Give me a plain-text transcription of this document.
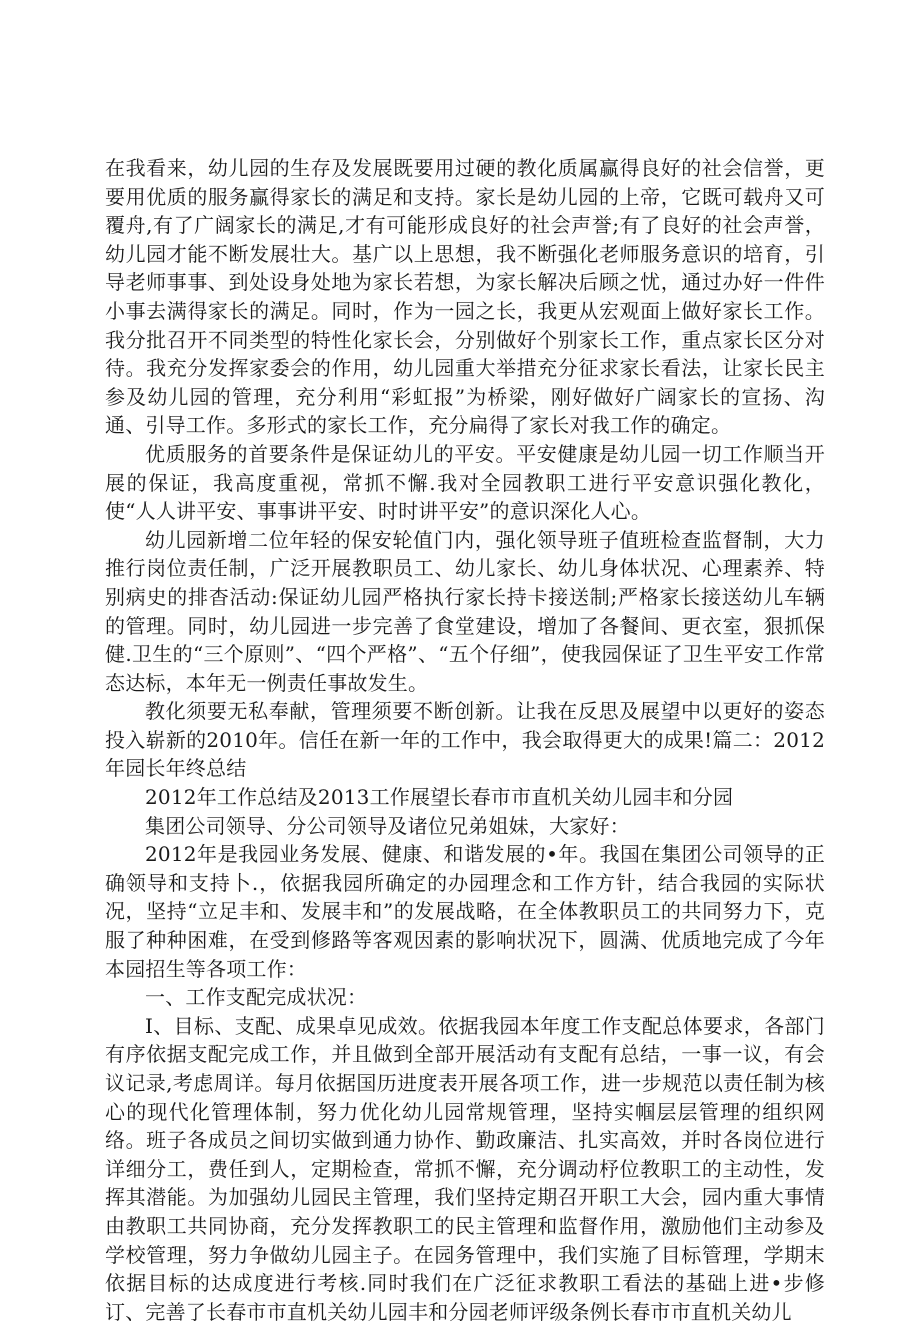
在我看来，幼儿园的生存及发展既要用过硬的教化质属赢得良好的社会信誉，更要用优质的服务赢得家长的满足和支持。家长是幼儿园的上帝，它既可载舟又可覆舟,有了广阔家长的满足,才有可能形成良好的社会声誉;有了良好的社会声誉，幼儿园才能不断发展壮大。基广以上思想，我不断强化老师服务意识的培育，引导老师事事、到处设身处地为家长若想，为家长解决后顾之忧，通过办好一件件小事去满得家长的满足。同时，作为一园之长，我更从宏观面上做好家长工作。我分批召开不同类型的特性化家长会，分别做好个别家长工作，重点家长区分对待。我充分发挥家委会的作用，幼儿园重大举措充分征求家长看法，让家长民主参及幼儿园的管理，充分利用“彩虹报”为桥梁，刚好做好广阔家长的宣扬、沟通、引导工作。多形式的家长工作，充分扁得了家长对我工作的确定。

优质服务的首要条件是保证幼儿的平安。平安健康是幼儿园一切工作顺当开展的保证，我高度重视，常抓不懈.我对全园教职工进行平安意识强化教化，使“人人讲平安、事事讲平安、时时讲平安”的意识深化人心。

幼儿园新增二位年轻的保安轮值门内，强化领导班子值班检查监督制，大力推行岗位责任制，广泛开展教职员工、幼儿家长、幼儿身体状况、心理素养、特别病史的排杳活动:保证幼儿园严格执行家长持卡接送制;严格家长接送幼儿车辆的管理。同时，幼儿园进一步完善了食堂建设，增加了各餐间、更衣室，狠抓保健.卫生的“三个原则”、“四个严格”、“五个仔细”，使我园保证了卫生平安工作常态达标，本年无一例责任事故发生。

教化须要无私奉献，管理须要不断创新。让我在反思及展望中以更好的姿态投入崭新的2010年。信任在新一年的工作中，我会取得更大的成果!篇二：2012年园长年终总结

2012年工作总结及2013工作展望长春市市直机关幼儿园丰和分园

集团公司领导、分公司领导及诸位兄弟姐妹，大家好：

2012年是我园业务发展、健康、和谐发展的•年。我国在集团公司领导的正确领导和支持卜.，依据我园所确定的办园理念和工作方针，结合我园的实际状况，坚持“立足丰和、发展丰和”的发展战略，在全体教职员工的共同努力下，克服了种种困难，在受到修路等客观因素的影响状况下，圆满、优质地完成了今年本园招生等各项工作：

一、工作支配完成状况：

I、目标、支配、成果卓见成效。依据我园本年度工作支配总体要求，各部门有序依据支配完成工作，并且做到全部开展活动有支配有总结，一事一议，有会议记录,考虑周详。每月依据国历进度表开展各项工作，进一步规范以责任制为核心的现代化管理体制，努力优化幼儿园常规管理，坚持实帼层层管理的组织网络。班子各成员之间切实做到通力协作、勤政廉洁、扎实高效，并时各岗位进行详细分工，费任到人，定期检查，常抓不懈，充分调动杼位教职工的主动性，发挥其潜能。为加强幼儿园民主管理，我们坚持定期召开职工大会，园内重大事情由教职工共同协商，充分发挥教职工的民主管理和监督作用，激励他们主动参及学校管理，努力争做幼儿园主子。在园务管理中，我们实施了目标管理，学期末依据目标的达成度进行考核.同时我们在广泛征求教职工看法的基础上进•步修订、完善了长春市市直机关幼儿园丰和分园老师评级条例长春市市直机关幼儿
